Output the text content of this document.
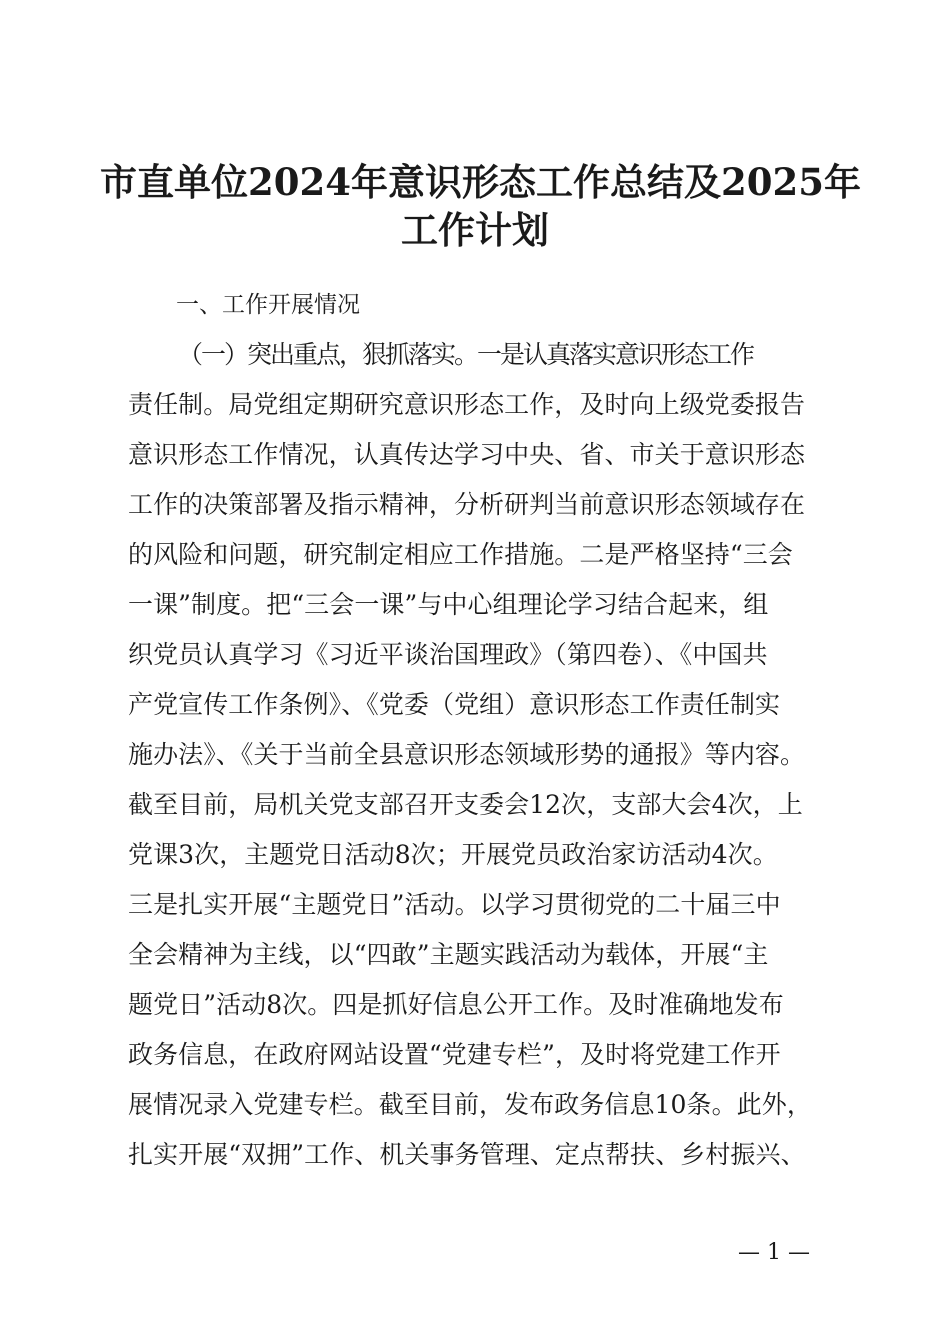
市直单位2024年意识形态工作总结及2025年
工作计划
一、工作开展情况
（一）突出重点，狠抓落实。一是认真落实意识形态工作
责任制。局党组定期研究意识形态工作，及时向上级党委报告
意识形态工作情况，认真传达学习中央、省、市关于意识形态
工作的决策部署及指示精神，分析研判当前意识形态领域存在
的风险和问题，研究制定相应工作措施。二是严格坚持“三会
一课”制度。把“三会一课”与中心组理论学习结合起来，组
织党员认真学习《习近平谈治国理政》（第四卷）、《中国共
产党宣传工作条例》、《党委（党组）意识形态工作责任制实
施办法》、《关于当前全县意识形态领域形势的通报》等内容。
截至目前，局机关党支部召开支委会12次，支部大会4次，上
党课3次，主题党日活动8次；开展党员政治家访活动4次。
三是扎实开展“主题党日”活动。以学习贯彻党的二十届三中
全会精神为主线，以“四敢”主题实践活动为载体，开展“主
题党日”活动8次。四是抓好信息公开工作。及时准确地发布
政务信息，在政府网站设置“党建专栏”，及时将党建工作开
展情况录入党建专栏。截至目前，发布政务信息10条。此外，
扎实开展“双拥”工作、机关事务管理、定点帮扶、乡村振兴、
— 1 —
